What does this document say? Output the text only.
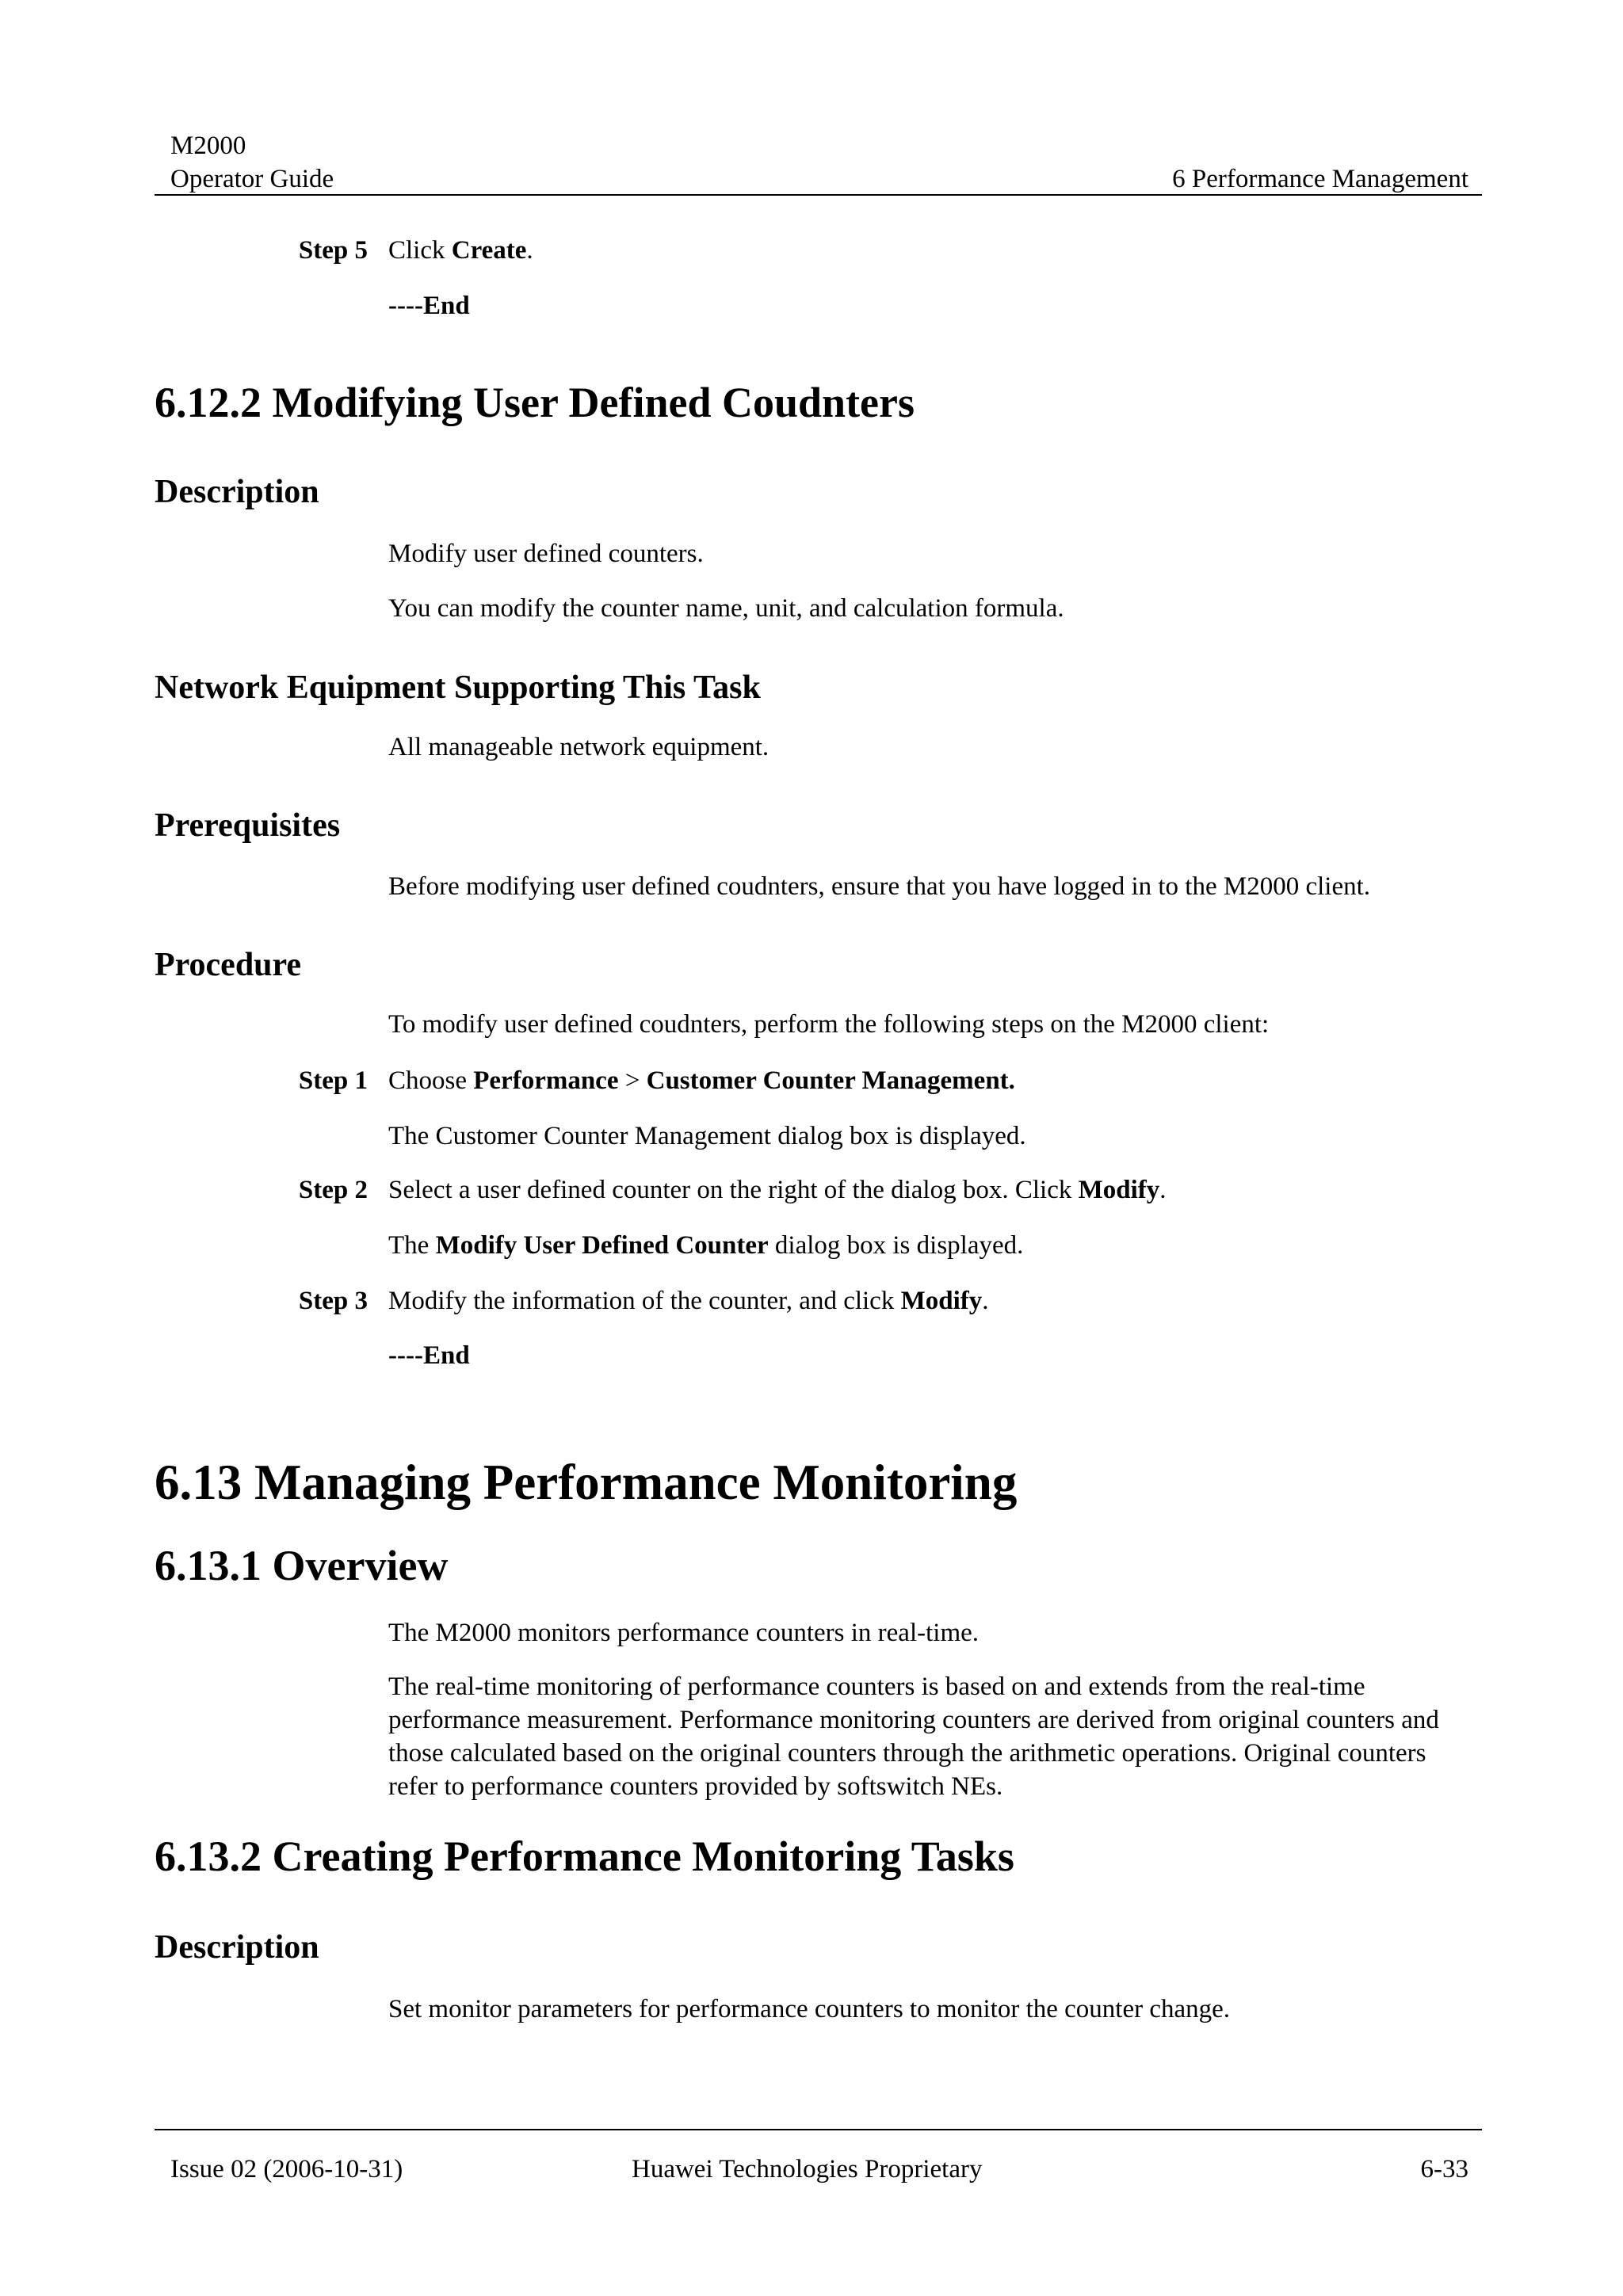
M2000
Operator Guide	6 Performance Management
Step 5 Click Create.
----End
6.12.2 Modifying User Defined Coudnters
Description
Modify user defined counters.
You can modify the counter name, unit, and calculation formula.
Network Equipment Supporting This Task
All manageable network equipment.
Prerequisites
Before modifying user defined coudnters, ensure that you have logged in to the M2000 client.
Procedure
To modify user defined coudnters, perform the following steps on the M2000 client:
Step 1 Choose Performance > Customer Counter Management.
The Customer Counter Management dialog box is displayed.
Step 2 Select a user defined counter on the right of the dialog box. Click Modify.
The Modify User Defined Counter dialog box is displayed.
Step 3 Modify the information of the counter, and click Modify.
----End
6.13 Managing Performance Monitoring
6.13.1 Overview
The M2000 monitors performance counters in real-time.
The real-time monitoring of performance counters is based on and extends from the real-time performance measurement. Performance monitoring counters are derived from original counters and those calculated based on the original counters through the arithmetic operations. Original counters refer to performance counters provided by softswitch NEs.
6.13.2 Creating Performance Monitoring Tasks
Description
Set monitor parameters for performance counters to monitor the counter change.
Issue 02 (2006-10-31)	Huawei Technologies Proprietary	6-33
